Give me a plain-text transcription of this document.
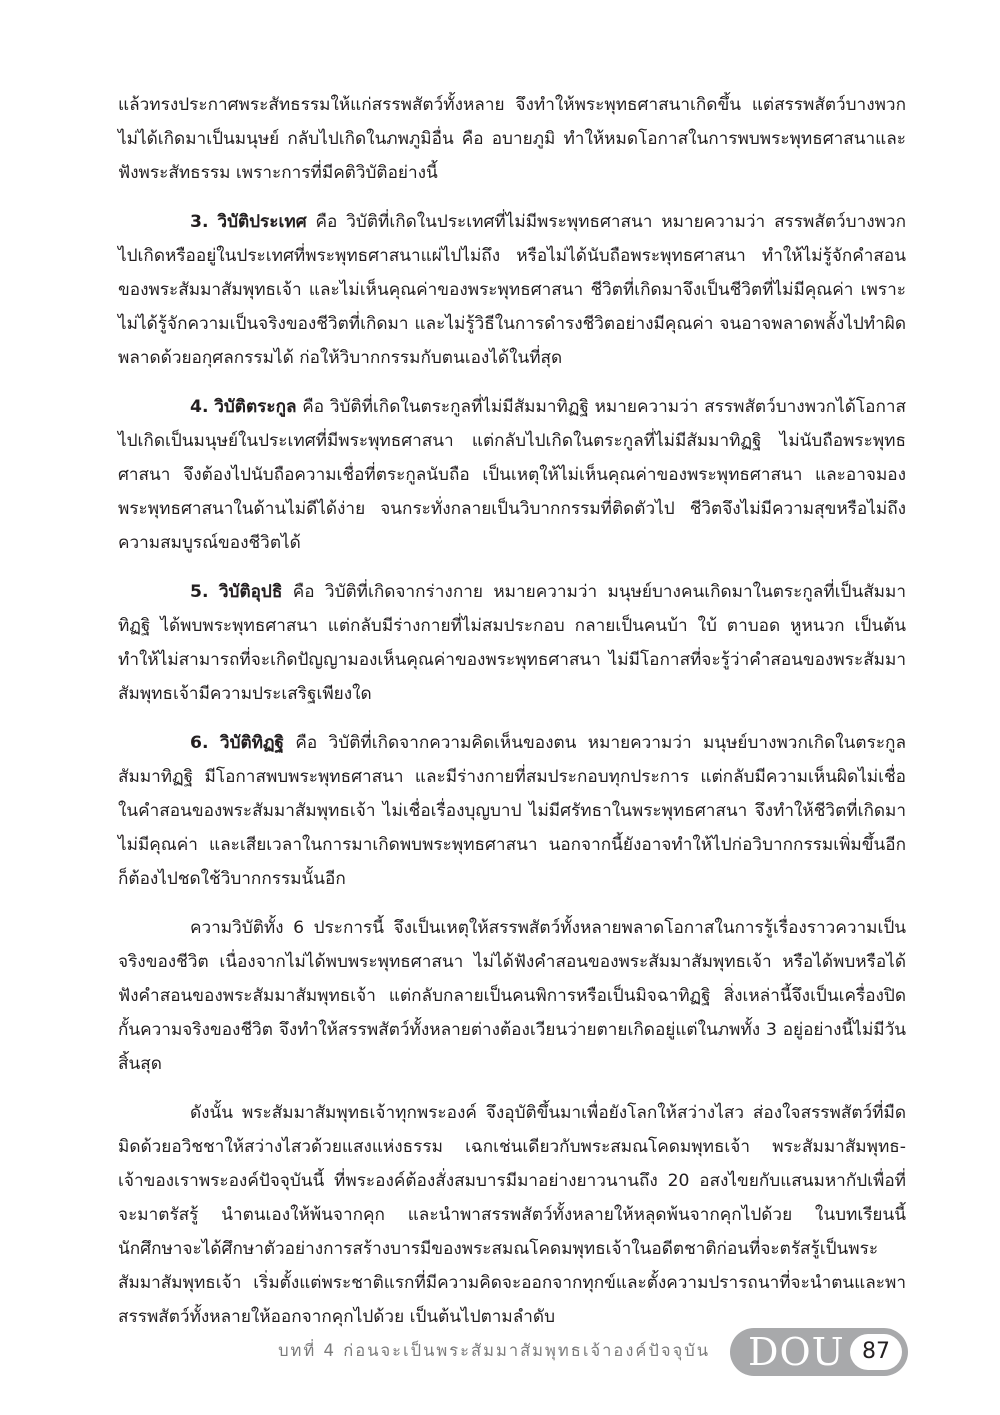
แล้วทรงประกาศพระสัทธรรมให้แก่สรรพสัตว์ทั้งหลาย จึงทำให้พระพุทธศาสนาเกิดขึ้น แต่สรรพสัตว์บางพวกไม่ได้เกิดมาเป็นมนุษย์ กลับไปเกิดในภพภูมิอื่น คือ อบายภูมิ ทำให้หมดโอกาสในการพบพระพุทธศาสนาและฟังพระสัทธรรม เพราะการที่มีคติวิบัติอย่างนี้

3. วิบัติประเทศ คือ วิบัติที่เกิดในประเทศที่ไม่มีพระพุทธศาสนา หมายความว่า สรรพสัตว์บางพวกไปเกิดหรืออยู่ในประเทศที่พระพุทธศาสนาแผ่ไปไม่ถึง หรือไม่ได้นับถือพระพุทธศาสนา ทำให้ไม่รู้จักคำสอนของพระสัมมาสัมพุทธเจ้า และไม่เห็นคุณค่าของพระพุทธศาสนา ชีวิตที่เกิดมาจึงเป็นชีวิตที่ไม่มีคุณค่า เพราะไม่ได้รู้จักความเป็นจริงของชีวิตที่เกิดมา และไม่รู้วิธีในการดำรงชีวิตอย่างมีคุณค่า จนอาจพลาดพลั้งไปทำผิดพลาดด้วยอกุศลกรรมได้ ก่อให้วิบากกรรมกับตนเองได้ในที่สุด

4. วิบัติตระกูล คือ วิบัติที่เกิดในตระกูลที่ไม่มีสัมมาทิฏฐิ หมายความว่า สรรพสัตว์บางพวกได้โอกาสไปเกิดเป็นมนุษย์ในประเทศที่มีพระพุทธศาสนา แต่กลับไปเกิดในตระกูลที่ไม่มีสัมมาทิฏฐิ ไม่นับถือพระพุทธศาสนา จึงต้องไปนับถือความเชื่อที่ตระกูลนับถือ เป็นเหตุให้ไม่เห็นคุณค่าของพระพุทธศาสนา และอาจมองพระพุทธศาสนาในด้านไม่ดีได้ง่าย จนกระทั่งกลายเป็นวิบากกรรมที่ติดตัวไป ชีวิตจึงไม่มีความสุขหรือไม่ถึงความสมบูรณ์ของชีวิตได้

5. วิบัติอุปธิ คือ วิบัติที่เกิดจากร่างกาย หมายความว่า มนุษย์บางคนเกิดมาในตระกูลที่เป็นสัมมาทิฏฐิ ได้พบพระพุทธศาสนา แต่กลับมีร่างกายที่ไม่สมประกอบ กลายเป็นคนบ้า ใบ้ ตาบอด หูหนวก เป็นต้น ทำให้ไม่สามารถที่จะเกิดปัญญามองเห็นคุณค่าของพระพุทธศาสนา ไม่มีโอกาสที่จะรู้ว่าคำสอนของพระสัมมาสัมพุทธเจ้ามีความประเสริฐเพียงใด

6. วิบัติทิฏฐิ คือ วิบัติที่เกิดจากความคิดเห็นของตน หมายความว่า มนุษย์บางพวกเกิดในตระกูลสัมมาทิฏฐิ มีโอกาสพบพระพุทธศาสนา และมีร่างกายที่สมประกอบทุกประการ แต่กลับมีความเห็นผิดไม่เชื่อในคำสอนของพระสัมมาสัมพุทธเจ้า ไม่เชื่อเรื่องบุญบาป ไม่มีศรัทธาในพระพุทธศาสนา จึงทำให้ชีวิตที่เกิดมาไม่มีคุณค่า และเสียเวลาในการมาเกิดพบพระพุทธศาสนา นอกจากนี้ยังอาจทำให้ไปก่อวิบากกรรมเพิ่มขึ้นอีก ก็ต้องไปชดใช้วิบากกรรมนั้นอีก

ความวิบัติทั้ง 6 ประการนี้ จึงเป็นเหตุให้สรรพสัตว์ทั้งหลายพลาดโอกาสในการรู้เรื่องราวความเป็นจริงของชีวิต เนื่องจากไม่ได้พบพระพุทธศาสนา ไม่ได้ฟังคำสอนของพระสัมมาสัมพุทธเจ้า หรือได้พบหรือได้ฟังคำสอนของพระสัมมาสัมพุทธเจ้า แต่กลับกลายเป็นคนพิการหรือเป็นมิจฉาทิฏฐิ สิ่งเหล่านี้จึงเป็นเครื่องปิดกั้นความจริงของชีวิต จึงทำให้สรรพสัตว์ทั้งหลายต่างต้องเวียนว่ายตายเกิดอยู่แต่ในภพทั้ง 3 อยู่อย่างนี้ไม่มีวันสิ้นสุด

ดังนั้น พระสัมมาสัมพุทธเจ้าทุกพระองค์ จึงอุบัติขึ้นมาเพื่อยังโลกให้สว่างไสว ส่องใจสรรพสัตว์ที่มืดมิดด้วยอวิชชาให้สว่างไสวด้วยแสงแห่งธรรม เฉกเช่นเดียวกับพระสมณโคดมพุทธเจ้า พระสัมมาสัมพุทธ-เจ้าของเราพระองค์ปัจจุบันนี้ ที่พระองค์ต้องสั่งสมบารมีมาอย่างยาวนานถึง 20 อสงไขยกับแสนมหากัปเพื่อที่จะมาตรัสรู้ นำตนเองให้พ้นจากคุก และนำพาสรรพสัตว์ทั้งหลายให้หลุดพ้นจากคุกไปด้วย ในบทเรียนนี้ นักศึกษาจะได้ศึกษาตัวอย่างการสร้างบารมีของพระสมณโคดมพุทธเจ้าในอดีตชาติก่อนที่จะตรัสรู้เป็นพระสัมมาสัมพุทธเจ้า เริ่มตั้งแต่พระชาติแรกที่มีความคิดจะออกจากทุกข์และตั้งความปรารถนาที่จะนำตนและพาสรรพสัตว์ทั้งหลายให้ออกจากคุกไปด้วย เป็นต้นไปตามลำดับ

บทที่ 4 ก่อนจะเป็นพระสัมมาสัมพุทธเจ้าองค์ปัจจุบัน DOU 87
